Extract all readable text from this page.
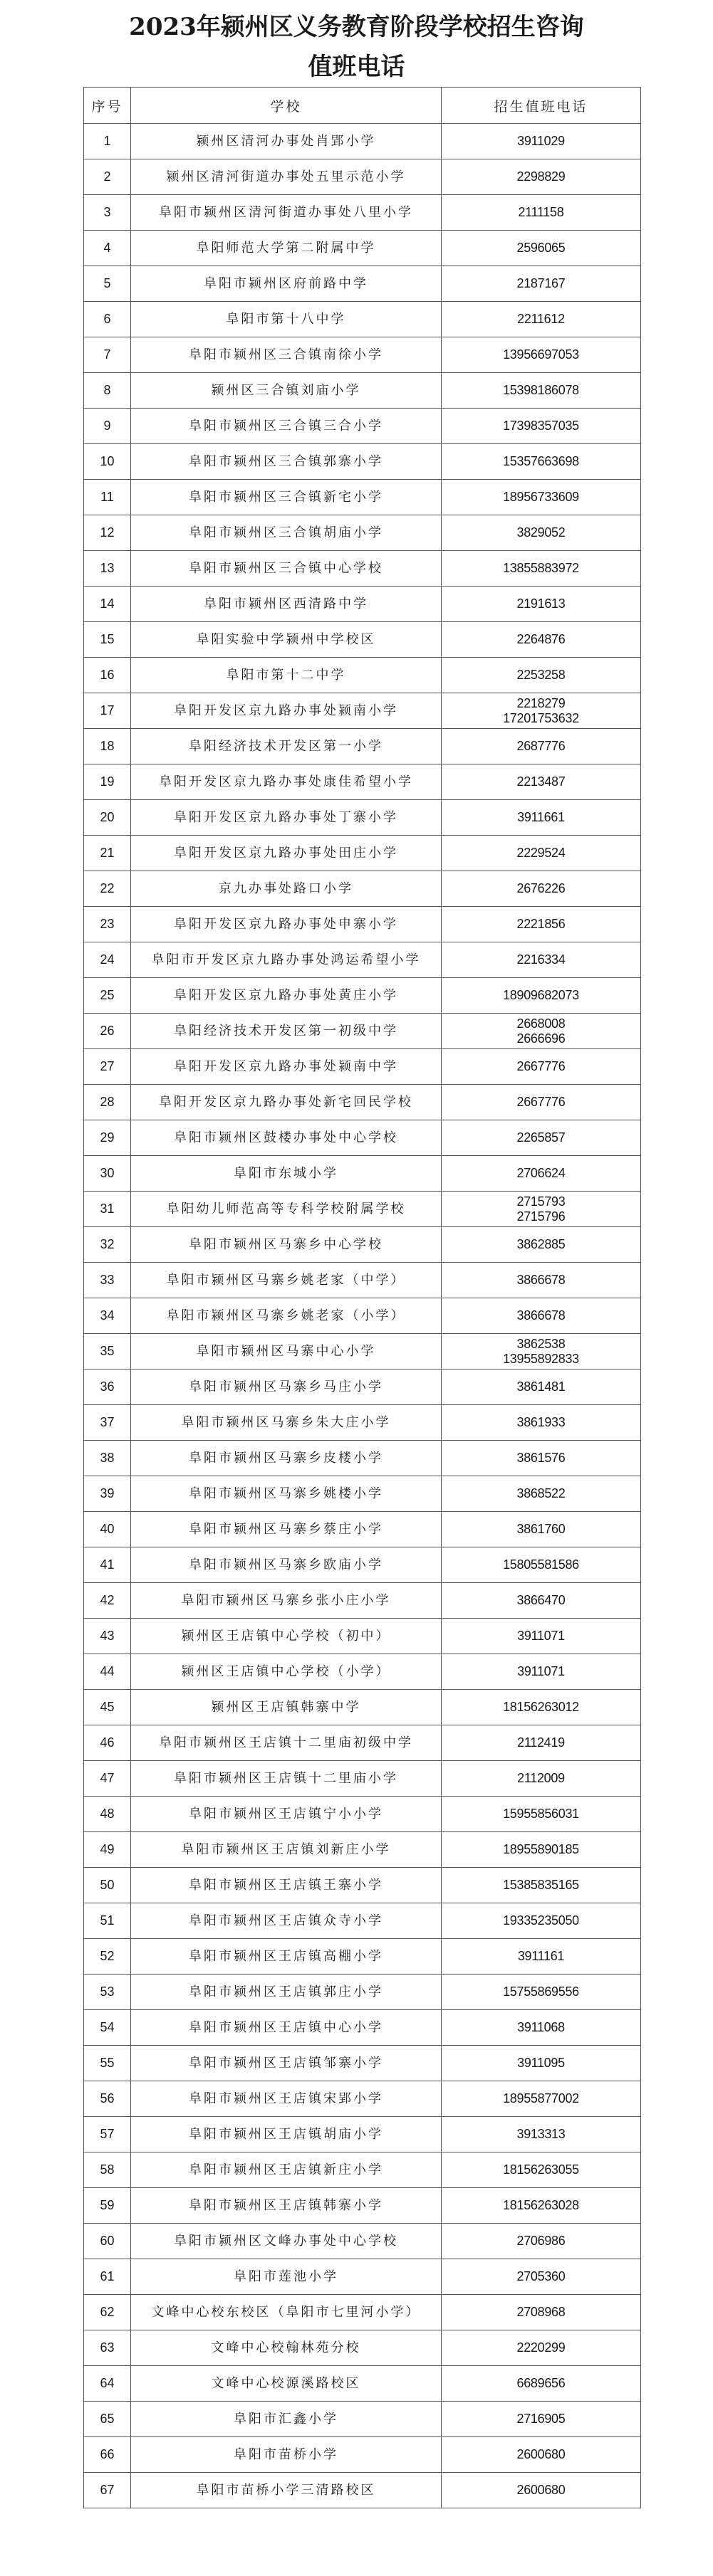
2023年颍州区义务教育阶段学校招生咨询
值班电话
序号	学校	招生值班电话
1	颍州区清河办事处肖郢小学	3911029

2	颍州区清河街道办事处五里示范小学	2298829

3	阜阳市颍州区清河街道办事处八里小学	2111158

4	阜阳师范大学第二附属中学	2596065

5	阜阳市颍州区府前路中学	2187167

6	阜阳市第十八中学	2211612

7	阜阳市颍州区三合镇南徐小学	13956697053

8	颍州区三合镇刘庙小学	15398186078

9	阜阳市颍州区三合镇三合小学	17398357035

10	阜阳市颍州区三合镇郭寨小学	15357663698

11	阜阳市颍州区三合镇新宅小学	18956733609

12	阜阳市颍州区三合镇胡庙小学	3829052

13	阜阳市颍州区三合镇中心学校	13855883972

14	阜阳市颍州区西清路中学	2191613

15	阜阳实验中学颍州中学校区	2264876

16	阜阳市第十二中学	2253258

17	阜阳开发区京九路办事处颍南小学	2218279
17201753632

18	阜阳经济技术开发区第一小学	2687776

19	阜阳开发区京九路办事处康佳希望小学	2213487

20	阜阳开发区京九路办事处丁寨小学	3911661

21	阜阳开发区京九路办事处田庄小学	2229524

22	京九办事处路口小学	2676226

23	阜阳开发区京九路办事处申寨小学	2221856

24	阜阳市开发区京九路办事处鸿运希望小学	2216334

25	阜阳开发区京九路办事处黄庄小学	18909682073

26	阜阳经济技术开发区第一初级中学	2668008
2666696

27	阜阳开发区京九路办事处颍南中学	2667776

28	阜阳开发区京九路办事处新宅回民学校	2667776

29	阜阳市颍州区鼓楼办事处中心学校	2265857

30	阜阳市东城小学	2706624

31	阜阳幼儿师范高等专科学校附属学校	2715793
2715796

32	阜阳市颍州区马寨乡中心学校	3862885

33	阜阳市颍州区马寨乡姚老家（中学）	3866678

34	阜阳市颍州区马寨乡姚老家（小学）	3866678

35	阜阳市颍州区马寨中心小学	3862538
13955892833

36	阜阳市颍州区马寨乡马庄小学	3861481

37	阜阳市颍州区马寨乡朱大庄小学	3861933

38	阜阳市颍州区马寨乡皮楼小学	3861576

39	阜阳市颍州区马寨乡姚楼小学	3868522

40	阜阳市颍州区马寨乡蔡庄小学	3861760

41	阜阳市颍州区马寨乡欧庙小学	15805581586

42	阜阳市颍州区马寨乡张小庄小学	3866470

43	颍州区王店镇中心学校（初中）	3911071

44	颍州区王店镇中心学校（小学）	3911071

45	颍州区王店镇韩寨中学	18156263012

46	阜阳市颍州区王店镇十二里庙初级中学	2112419

47	阜阳市颍州区王店镇十二里庙小学	2112009

48	阜阳市颍州区王店镇宁小小学	15955856031

49	阜阳市颍州区王店镇刘新庄小学	18955890185

50	阜阳市颍州区王店镇王寨小学	15385835165

51	阜阳市颍州区王店镇众寺小学	19335235050

52	阜阳市颍州区王店镇高棚小学	3911161

53	阜阳市颍州区王店镇郭庄小学	15755869556

54	阜阳市颍州区王店镇中心小学	3911068

55	阜阳市颍州区王店镇邹寨小学	3911095

56	阜阳市颍州区王店镇宋郢小学	18955877002

57	阜阳市颍州区王店镇胡庙小学	3913313

58	阜阳市颍州区王店镇新庄小学	18156263055

59	阜阳市颍州区王店镇韩寨小学	18156263028

60	阜阳市颍州区文峰办事处中心学校	2706986

61	阜阳市莲池小学	2705360

62	文峰中心校东校区（阜阳市七里河小学）	2708968

63	文峰中心校翰林苑分校	2220299

64	文峰中心校源溪路校区	6689656

65	阜阳市汇鑫小学	2716905

66	阜阳市苗桥小学	2600680

67	阜阳市苗桥小学三清路校区	2600680
